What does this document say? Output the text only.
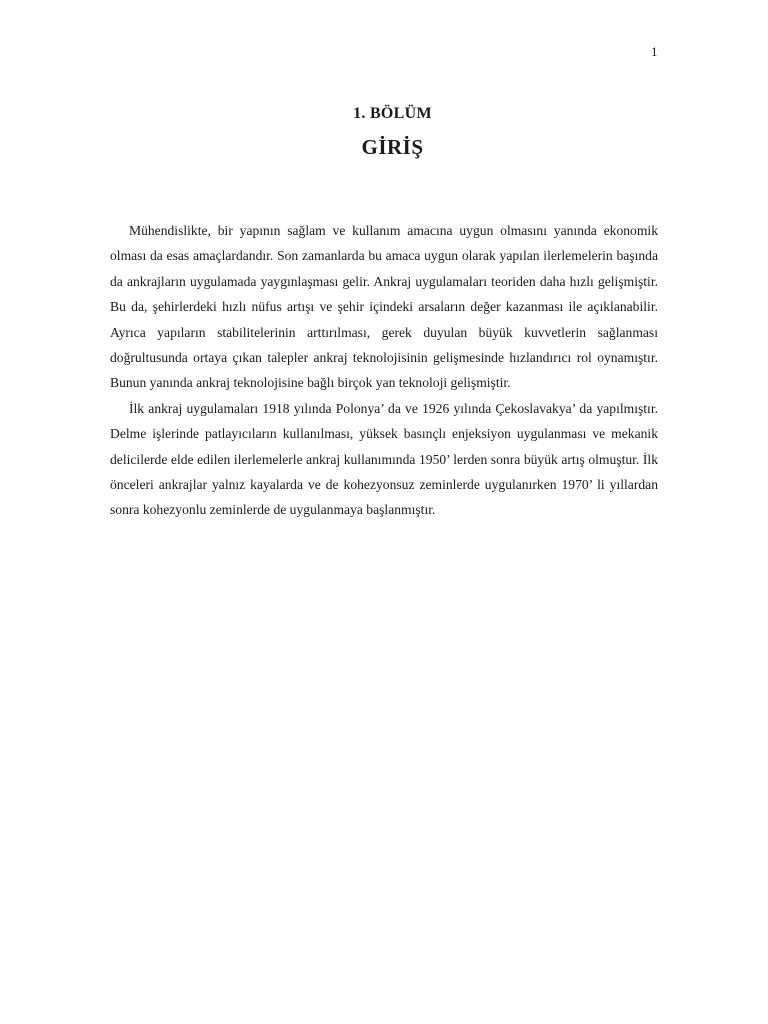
1
1. BÖLÜM
GİRİŞ

Mühendislikte, bir yapının sağlam ve kullanım amacına uygun olmasını yanında ekonomik olması da esas amaçlardandır. Son zamanlarda bu amaca uygun olarak yapılan ilerlemelerin başında da ankrajların uygulamada yaygınlaşması gelir. Ankraj uygulamaları teoriden daha hızlı gelişmiştir. Bu da, şehirlerdeki hızlı nüfus artışı ve şehir içindeki arsaların değer kazanması ile açıklanabilir. Ayrıca yapıların stabilitelerinin arttırılması, gerek duyulan büyük kuvvetlerin sağlanması doğrultusunda ortaya çıkan talepler ankraj teknolojisinin gelişmesinde hızlandırıcı rol oynamıştır. Bunun yanında ankraj teknolojisine bağlı birçok yan teknoloji gelişmiştir.

İlk ankraj uygulamaları 1918 yılında Polonya’ da ve 1926 yılında Çekoslavakya’ da yapılmıştır. Delme işlerinde patlayıcıların kullanılması, yüksek basınçlı enjeksiyon uygulanması ve mekanik delicilerde elde edilen ilerlemelerle ankraj kullanımında 1950’ lerden sonra büyük artış olmuştur. İlk önceleri ankrajlar yalnız kayalarda ve de kohezyonsuz zeminlerde uygulanırken 1970’ li yıllardan sonra kohezyonlu zeminlerde de uygulanmaya başlanmıştır.
